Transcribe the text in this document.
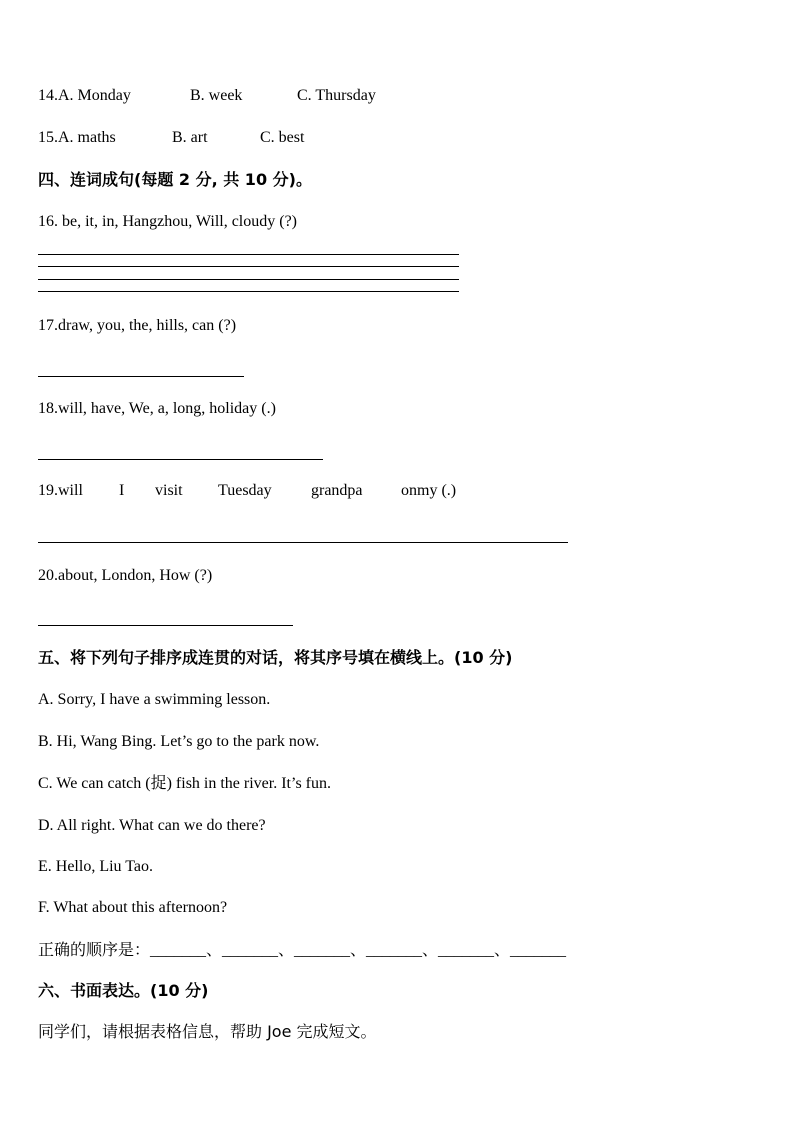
14.A. Monday	B. week	C. Thursday
15.A. maths	B. art	C. best
四、连词成句(每题 2 分, 共 10 分)。
16. be, it, in, Hangzhou, Will, cloudy (?)
17.draw, you, the, hills, can (?)
18.will, have, We, a, long, holiday (.)
19.will I visit Tuesday grandpa onmy (.)
20.about, London, How (?)
五、将下列句子排序成连贯的对话，将其序号填在横线上。(10 分)
A. Sorry, I have a swimming lesson.
B. Hi, Wang Bing. Let’s go to the park now.
C. We can catch (捉) fish in the river. It’s fun.
D. All right. What can we do there?
E. Hello, Liu Tao.
F. What about this afternoon?
正确的顺序是：_______、_______、_______、_______、_______、_______
六、书面表达。(10 分)
同学们，请根据表格信息，帮助 Joe 完成短文。
